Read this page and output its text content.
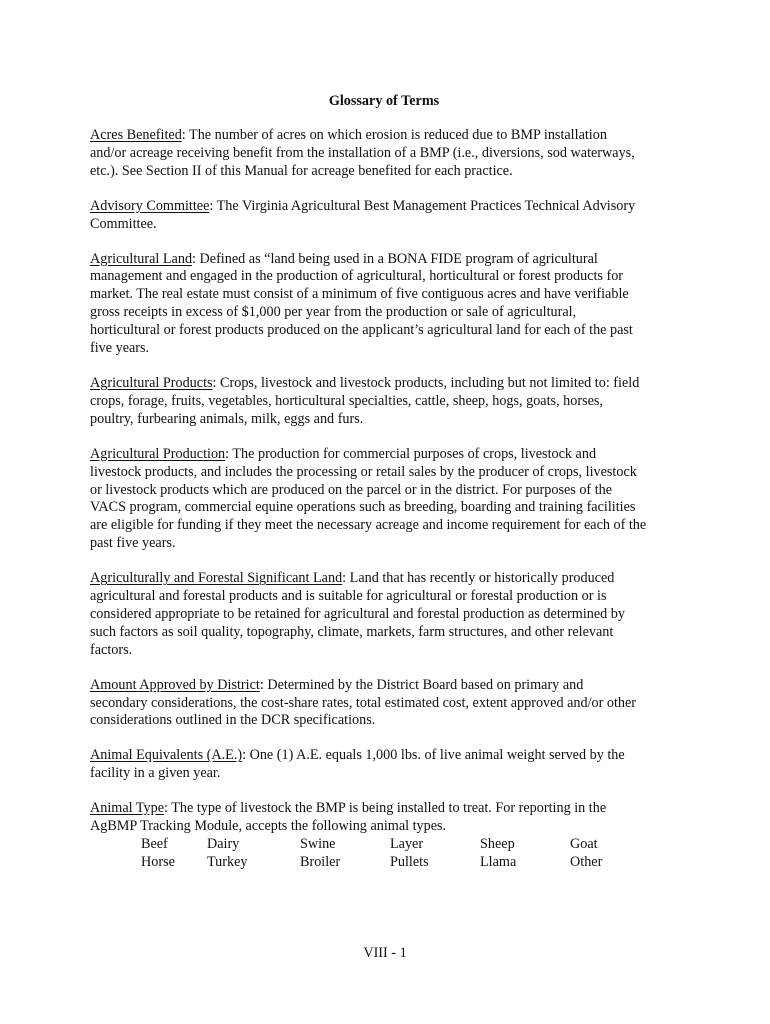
Glossary of Terms
Acres Benefited: The number of acres on which erosion is reduced due to BMP installation
and/or acreage receiving benefit from the installation of a BMP (i.e., diversions, sod waterways,
etc.). See Section II of this Manual for acreage benefited for each practice.
Advisory Committee: The Virginia Agricultural Best Management Practices Technical Advisory
Committee.
Agricultural Land: Defined as “land being used in a BONA FIDE program of agricultural
management and engaged in the production of agricultural, horticultural or forest products for
market. The real estate must consist of a minimum of five contiguous acres and have verifiable
gross receipts in excess of $1,000 per year from the production or sale of agricultural,
horticultural or forest products produced on the applicant’s agricultural land for each of the past
five years.
Agricultural Products: Crops, livestock and livestock products, including but not limited to: field
crops, forage, fruits, vegetables, horticultural specialties, cattle, sheep, hogs, goats, horses,
poultry, furbearing animals, milk, eggs and furs.
Agricultural Production: The production for commercial purposes of crops, livestock and
livestock products, and includes the processing or retail sales by the producer of crops, livestock
or livestock products which are produced on the parcel or in the district. For purposes of the
VACS program, commercial equine operations such as breeding, boarding and training facilities
are eligible for funding if they meet the necessary acreage and income requirement for each of the
past five years.
Agriculturally and Forestal Significant Land: Land that has recently or historically produced
agricultural and forestal products and is suitable for agricultural or forestal production or is
considered appropriate to be retained for agricultural and forestal production as determined by
such factors as soil quality, topography, climate, markets, farm structures, and other relevant
factors.
Amount Approved by District: Determined by the District Board based on primary and
secondary considerations, the cost-share rates, total estimated cost, extent approved and/or other
considerations outlined in the DCR specifications.
Animal Equivalents (A.E.): One (1) A.E. equals 1,000 lbs. of live animal weight served by the
facility in a given year.
Animal Type: The type of livestock the BMP is being installed to treat. For reporting in the
AgBMP Tracking Module, accepts the following animal types.
Beef	Dairy	Swine	Layer	Sheep	Goat
Horse Turkey	Broiler	Pullets	Llama	Other
VIII - 1
